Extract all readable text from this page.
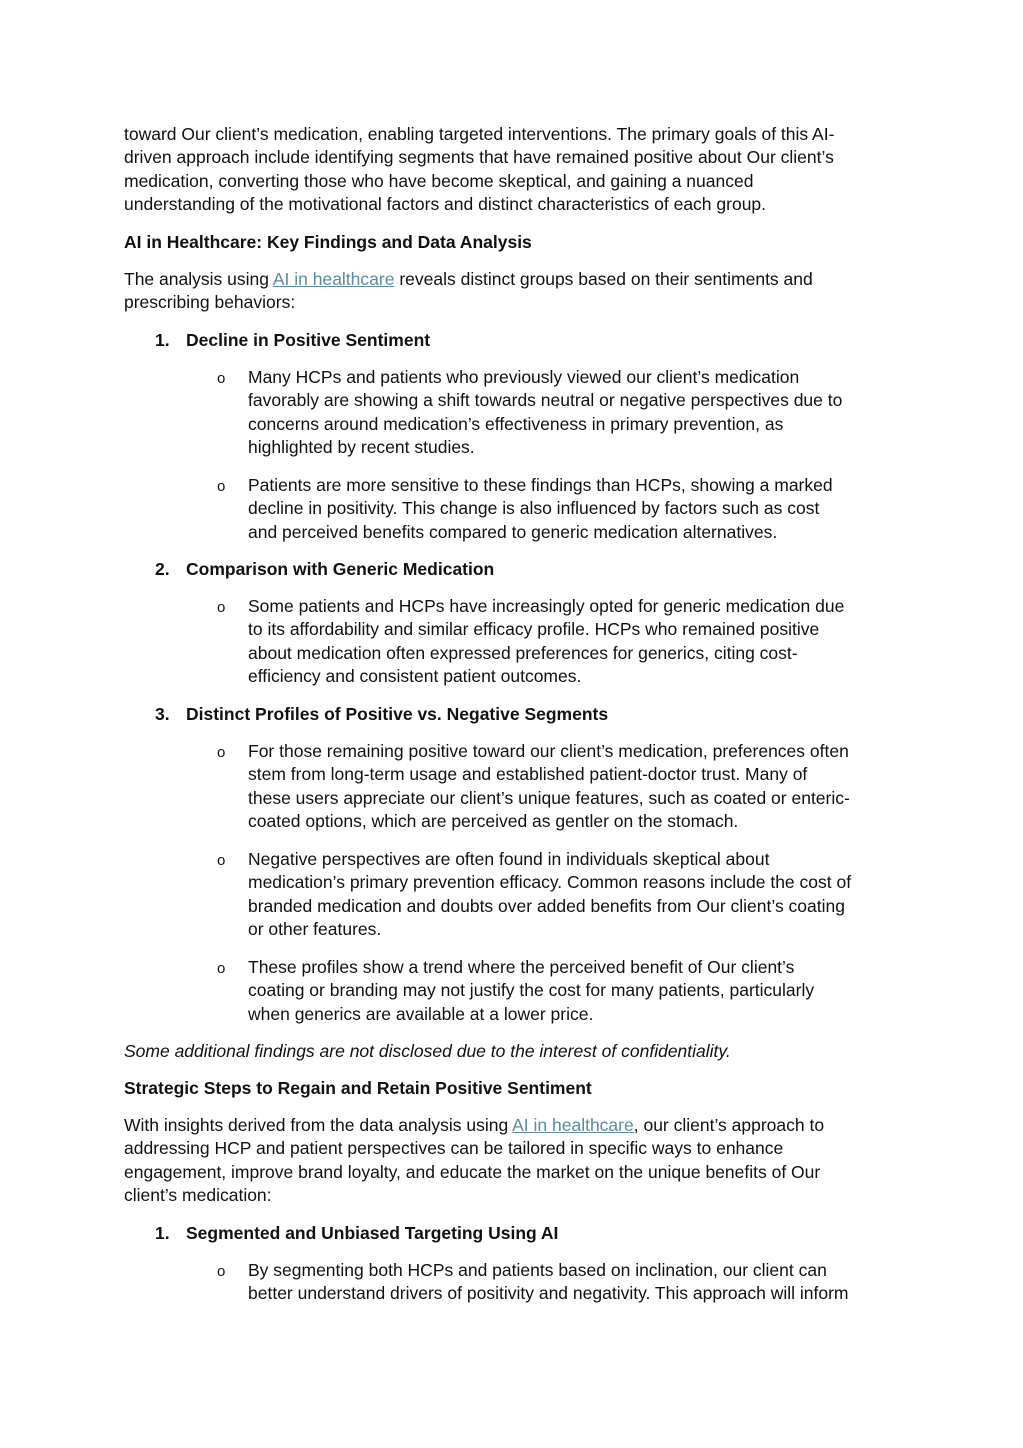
toward Our client’s medication, enabling targeted interventions. The primary goals of this AI-
driven approach include identifying segments that have remained positive about Our client’s
medication, converting those who have become skeptical, and gaining a nuanced
understanding of the motivational factors and distinct characteristics of each group.
AI in Healthcare: Key Findings and Data Analysis
The analysis using AI in healthcare reveals distinct groups based on their sentiments and
prescribing behaviors:
1. Decline in Positive Sentiment
o	Many HCPs and patients who previously viewed our client’s medication
favorably are showing a shift towards neutral or negative perspectives due to
concerns around medication’s effectiveness in primary prevention, as
highlighted by recent studies.
o	Patients are more sensitive to these findings than HCPs, showing a marked
decline in positivity. This change is also influenced by factors such as cost
and perceived benefits compared to generic medication alternatives.
2. Comparison with Generic Medication
o	Some patients and HCPs have increasingly opted for generic medication due
to its affordability and similar efficacy profile. HCPs who remained positive
about medication often expressed preferences for generics, citing cost-
efficiency and consistent patient outcomes.
3. Distinct Profiles of Positive vs. Negative Segments
o	For those remaining positive toward our client’s medication, preferences often
stem from long-term usage and established patient-doctor trust. Many of
these users appreciate our client’s unique features, such as coated or enteric-
coated options, which are perceived as gentler on the stomach.
o	Negative perspectives are often found in individuals skeptical about
medication’s primary prevention efficacy. Common reasons include the cost of
branded medication and doubts over added benefits from Our client’s coating
or other features.
o	These profiles show a trend where the perceived benefit of Our client’s
coating or branding may not justify the cost for many patients, particularly
when generics are available at a lower price.
Some additional findings are not disclosed due to the interest of confidentiality.
Strategic Steps to Regain and Retain Positive Sentiment
With insights derived from the data analysis using AI in healthcare, our client’s approach to
addressing HCP and patient perspectives can be tailored in specific ways to enhance
engagement, improve brand loyalty, and educate the market on the unique benefits of Our
client’s medication:
1. Segmented and Unbiased Targeting Using AI
o	By segmenting both HCPs and patients based on inclination, our client can
better understand drivers of positivity and negativity. This approach will inform
